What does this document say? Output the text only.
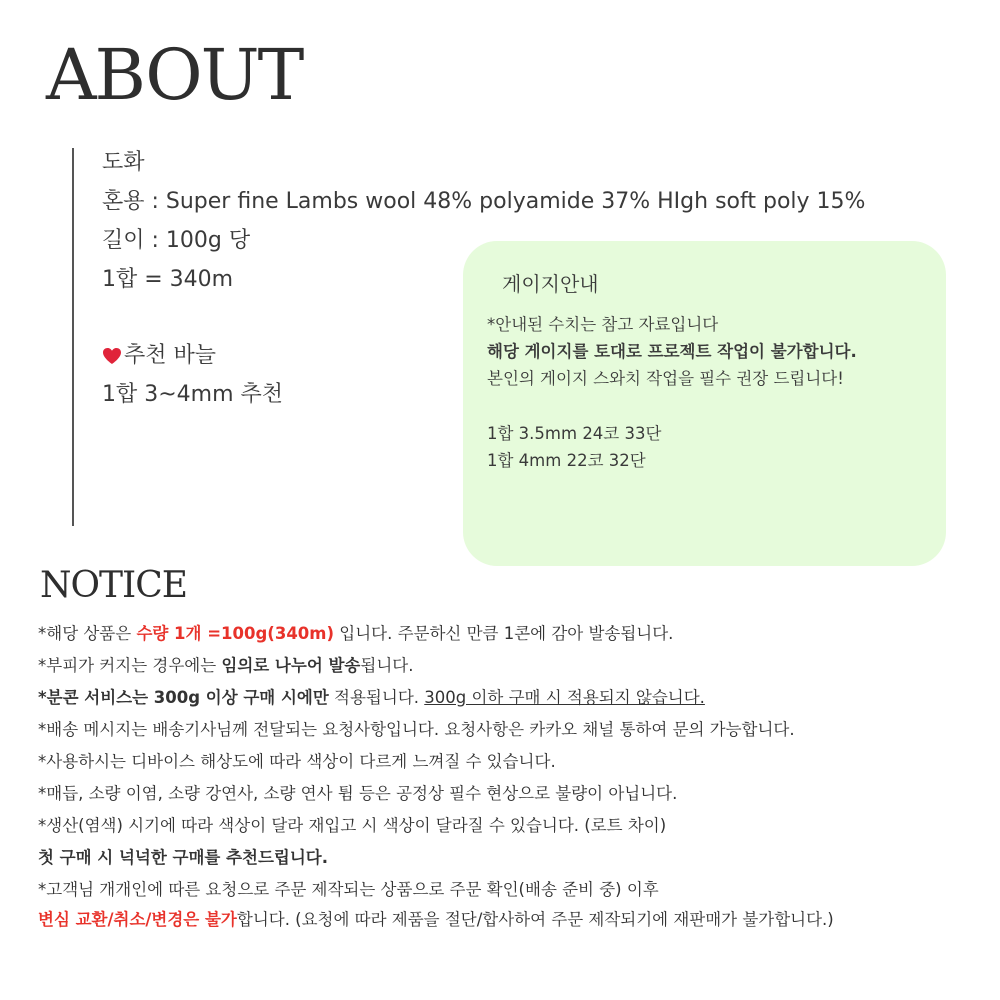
ABOUT

도화

혼용 : Super fine Lambs wool 48% polyamide 37% HIgh soft poly 15%

길이 : 100g 당

1합 = 340m

추천 바늘

1합 3~4mm 추천

게이지안내

*안내된 수치는 참고 자료입니다

해당 게이지를 토대로 프로젝트 작업이 불가합니다.

본인의 게이지 스와치 작업을 필수 권장 드립니다!

1합 3.5mm 24코 33단

1합 4mm 22코 32단

NOTICE

*해당 상품은 수량 1개 =100g(340m) 입니다. 주문하신 만큼 1콘에 감아 발송됩니다.

*부피가 커지는 경우에는 임의로 나누어 발송됩니다.

*분콘 서비스는 300g 이상 구매 시에만 적용됩니다. 300g 이하 구매 시 적용되지 않습니다.

*배송 메시지는 배송기사님께 전달되는 요청사항입니다. 요청사항은 카카오 채널 통하여 문의 가능합니다.

*사용하시는 디바이스 해상도에 따라 색상이 다르게 느껴질 수 있습니다.

*매듭, 소량 이염, 소량 강연사, 소량 연사 튐 등은 공정상 필수 현상으로 불량이 아닙니다.

*생산(염색) 시기에 따라 색상이 달라 재입고 시 색상이 달라질 수 있습니다. (로트 차이)

첫 구매 시 넉넉한 구매를 추천드립니다.

*고객님 개개인에 따른 요청으로 주문 제작되는 상품으로 주문 확인(배송 준비 중) 이후

변심 교환/취소/변경은 불가합니다. (요청에 따라 제품을 절단/합사하여 주문 제작되기에 재판매가 불가합니다.)
